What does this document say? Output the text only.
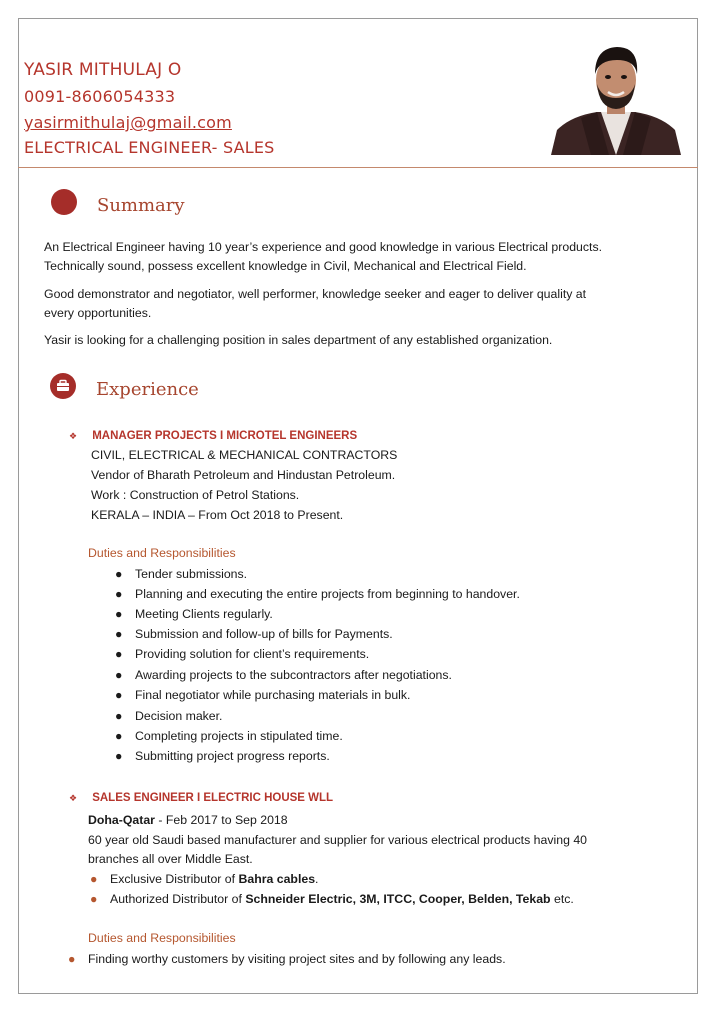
YASIR MITHULAJ O
0091-8606054333
yasirmithulaj@gmail.com
ELECTRICAL ENGINEER- SALES
Summary
An Electrical Engineer having 10 year’s experience and good knowledge in various Electrical products.
Technically sound, possess excellent knowledge in Civil, Mechanical and Electrical Field.
Good demonstrator and negotiator, well performer, knowledge seeker and eager to deliver quality at
every opportunities.
Yasir is looking for a challenging position in sales department of any established organization.
Experience
❖ MANAGER PROJECTS I MICROTEL ENGINEERS
CIVIL, ELECTRICAL & MECHANICAL CONTRACTORS
Vendor of Bharath Petroleum and Hindustan Petroleum.
Work : Construction of Petrol Stations.
KERALA – INDIA – From Oct 2018 to Present.
Duties and Responsibilities
● Tender submissions.
● Planning and executing the entire projects from beginning to handover.
● Meeting Clients regularly.
● Submission and follow-up of bills for Payments.
● Providing solution for client’s requirements.
● Awarding projects to the subcontractors after negotiations.
● Final negotiator while purchasing materials in bulk.
● Decision maker.
● Completing projects in stipulated time.
● Submitting project progress reports.
❖ SALES ENGINEER I ELECTRIC HOUSE WLL
Doha-Qatar - Feb 2017 to Sep 2018
60 year old Saudi based manufacturer and supplier for various electrical products having 40
branches all over Middle East.
● Exclusive Distributor of Bahra cables.
● Authorized Distributor of Schneider Electric, 3M, ITCC, Cooper, Belden, Tekab etc.
Duties and Responsibilities
● Finding worthy customers by visiting project sites and by following any leads.
